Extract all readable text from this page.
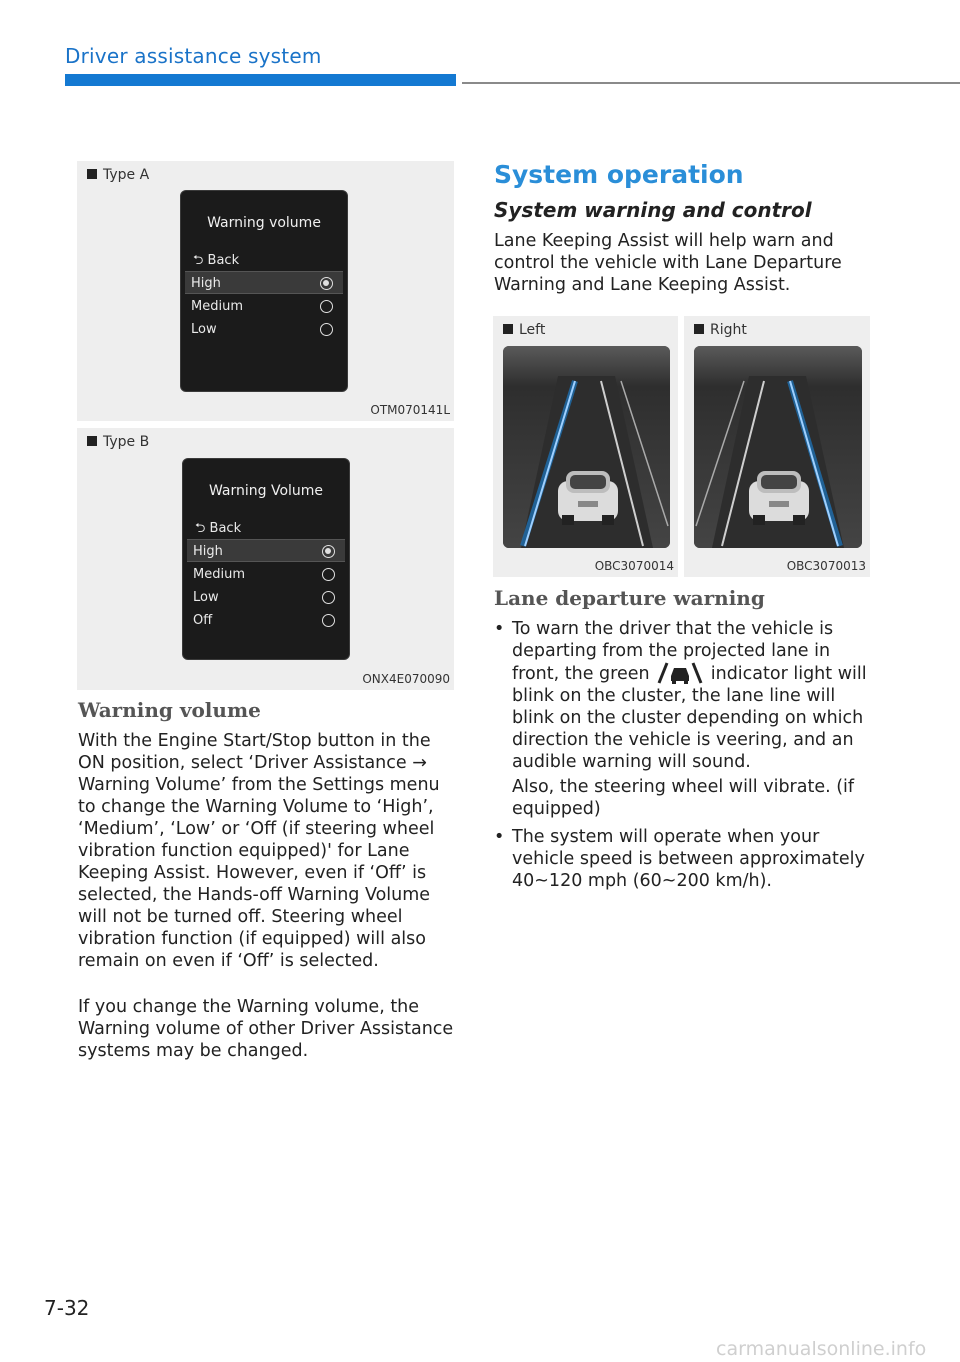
Driver assistance system
Type A
Warning volume
⮌ Back
High
Medium
Low
OTM070141L
Type B
Warning Volume
⮌ Back
High
Medium
Low
Off
ONX4E070090
Warning volume
With the Engine Start/Stop button in the ON position, select ‘Driver Assistance → Warning Volume’ from the Settings menu to change the Warning Volume to ‘High’, ‘Medium’, ‘Low’ or ‘Off (if steering wheel vibration function equipped)' for Lane Keeping Assist. However, even if ‘Off’ is selected, the Hands-off Warning Volume will not be turned off. Steering wheel vibration function (if equipped) will also remain on even if ‘Off’ is selected.
If you change the Warning volume, the Warning volume of other Driver Assistance systems may be changed.
System operation
System warning and control
Lane Keeping Assist will help warn and control the vehicle with Lane Departure Warning and Lane Keeping Assist.
Left
OBC3070014
Right
OBC3070013
Lane departure warning
• To warn the driver that the vehicle is departing from the projected lane in front, the green	indicator light will blink on the cluster, the lane line will blink on the cluster depending on which direction the vehicle is veering, and an audible warning will sound.
Also, the steering wheel will vibrate. (if equipped)
• The system will operate when your vehicle speed is between approximately 40~120 mph (60~200 km/h).
7-32
carmanualsonline.info
